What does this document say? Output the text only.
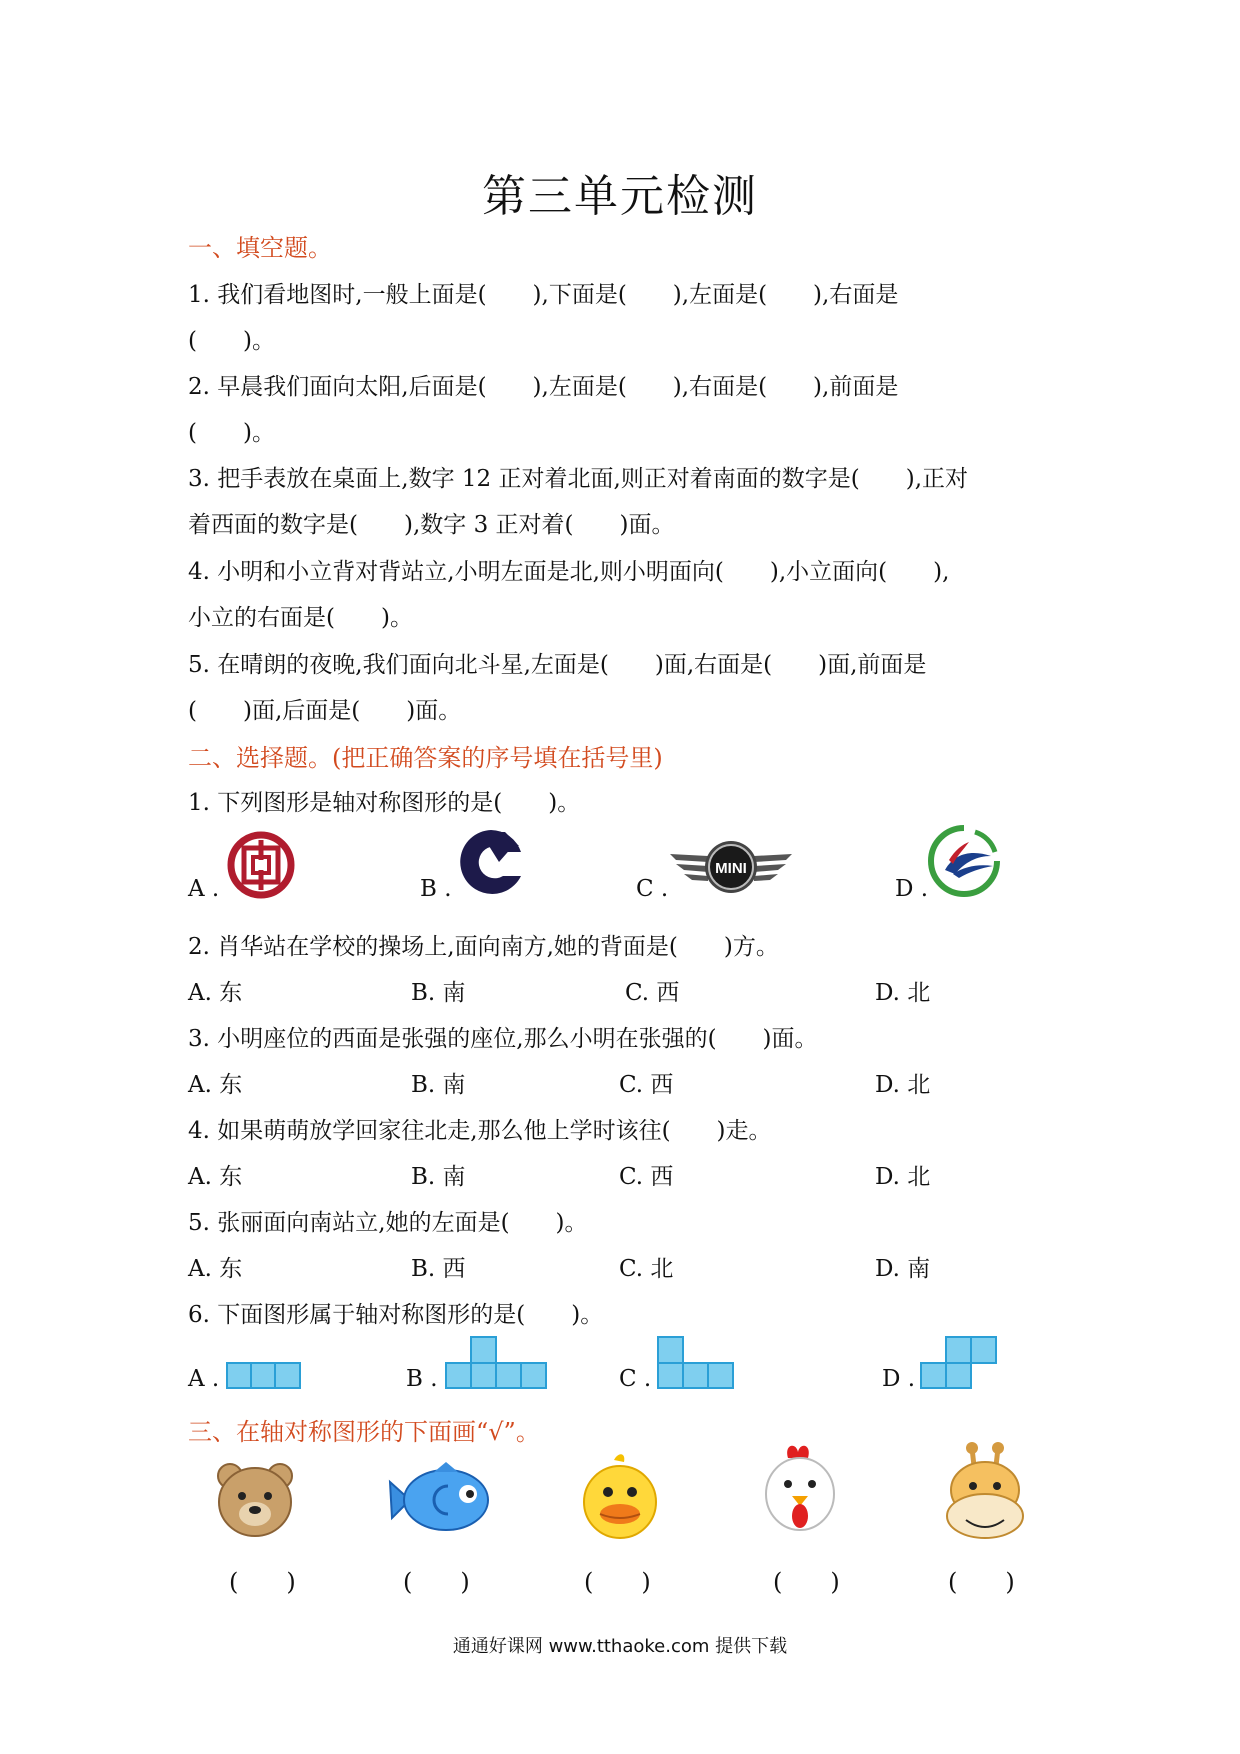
第三单元检测
一、填空题。
1. 我们看地图时,一般上面是(　　),下面是(　　),左面是(　　),右面是
(　　)。
2. 早晨我们面向太阳,后面是(　　),左面是(　　),右面是(　　),前面是
(　　)。
3. 把手表放在桌面上,数字 12 正对着北面,则正对着南面的数字是(　　),正对
着西面的数字是(　　),数字 3 正对着(　　)面。
4. 小明和小立背对背站立,小明左面是北,则小明面向(　　),小立面向(　　),
小立的右面是(　　)。
5. 在晴朗的夜晚,我们面向北斗星,左面是(　　)面,右面是(　　)面,前面是
(　　)面,后面是(　　)面。
二、选择题。(把正确答案的序号填在括号里)
1. 下列图形是轴对称图形的是(　　)。
A .	B .	C .	D .
MINI
2. 肖华站在学校的操场上,面向南方,她的背面是(　　)方。
A. 东	B. 南	C. 西	D. 北
3. 小明座位的西面是张强的座位,那么小明在张强的(　　)面。
A. 东	B. 南	C. 西	D. 北
4. 如果萌萌放学回家往北走,那么他上学时该往(　　)走。
A. 东	B. 南	C. 西	D. 北
5. 张丽面向南站立,她的左面是(　　)。
A. 东	B. 西	C. 北	D. 南
6. 下面图形属于轴对称图形的是(　　)。
A .	B .	C .	D .
三、在轴对称图形的下面画“√”。
(　　)	(　　)	(　　)	(　　)	(　　)
通通好课网 www.tthaoke.com 提供下载
